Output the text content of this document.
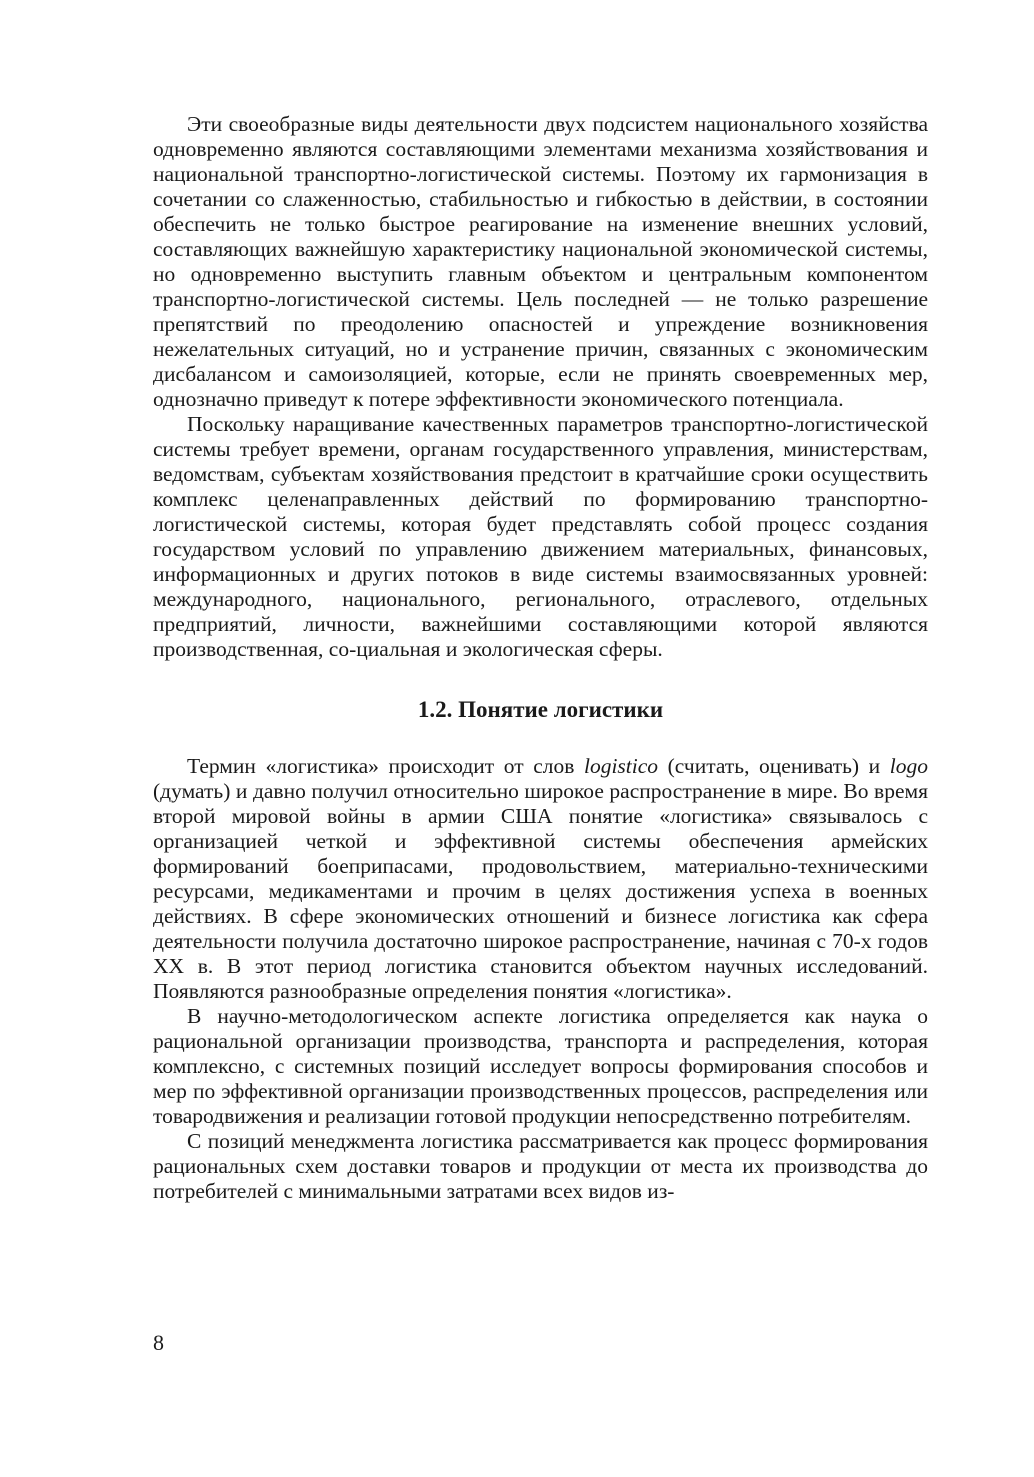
Эти своеобразные виды деятельности двух подсистем национального хозяйства одновременно являются составляющими элементами механизма хозяйствования и национальной транспортно-логистической системы. Поэтому их гармонизация в сочетании со слаженностью, стабильностью и гибкостью в действии, в состоянии обеспечить не только быстрое реагирование на изменение внешних условий, составляющих важнейшую характеристику национальной экономической системы, но одновременно выступить главным объектом и центральным компонентом транспортно-логистической системы. Цель последней — не только разрешение препятствий по преодолению опасностей и упреждение возникновения нежелательных ситуаций, но и устранение причин, связанных с экономическим дисбалансом и самоизоляцией, которые, если не принять своевременных мер, однозначно приведут к потере эффективности экономического потенциала.

Поскольку наращивание качественных параметров транспортно-логистической системы требует времени, органам государственного управления, министерствам, ведомствам, субъектам хозяйствования предстоит в кратчайшие сроки осуществить комплекс целенаправленных действий по формированию транспортно-логистической системы, которая будет представлять собой процесс создания государством условий по управлению движением материальных, финансовых, информационных и других потоков в виде системы взаимосвязанных уровней: международного, национального, регионального, отраслевого, отдельных предприятий, личности, важнейшими составляющими которой являются производственная, со-циальная и экологическая сферы.

1.2. Понятие логистики

Термин «логистика» происходит от слов logistico (считать, оценивать) и logo (думать) и давно получил относительно широкое распространение в мире. Во время второй мировой войны в армии США понятие «логистика» связывалось с организацией четкой и эффективной системы обеспечения армейских формирований боеприпасами, продовольствием, материально-техническими ресурсами, медикаментами и прочим в целях достижения успеха в военных действиях. В сфере экономических отношений и бизнесе логистика как сфера деятельности получила достаточно широкое распространение, начиная с 70-х годов XX в. В этот период логистика становится объектом научных исследований. Появляются разнообразные определения понятия «логистика».

В научно-методологическом аспекте логистика определяется как наука о рациональной организации производства, транспорта и распределения, которая комплексно, с системных позиций исследует вопросы формирования способов и мер по эффективной организации производственных процессов, распределения или товародвижения и реализации готовой продукции непосредственно потребителям.

С позиций менеджмента логистика рассматривается как процесс формирования рациональных схем доставки товаров и продукции от места их производства до потребителей с минимальными затратами всех видов из-

8
